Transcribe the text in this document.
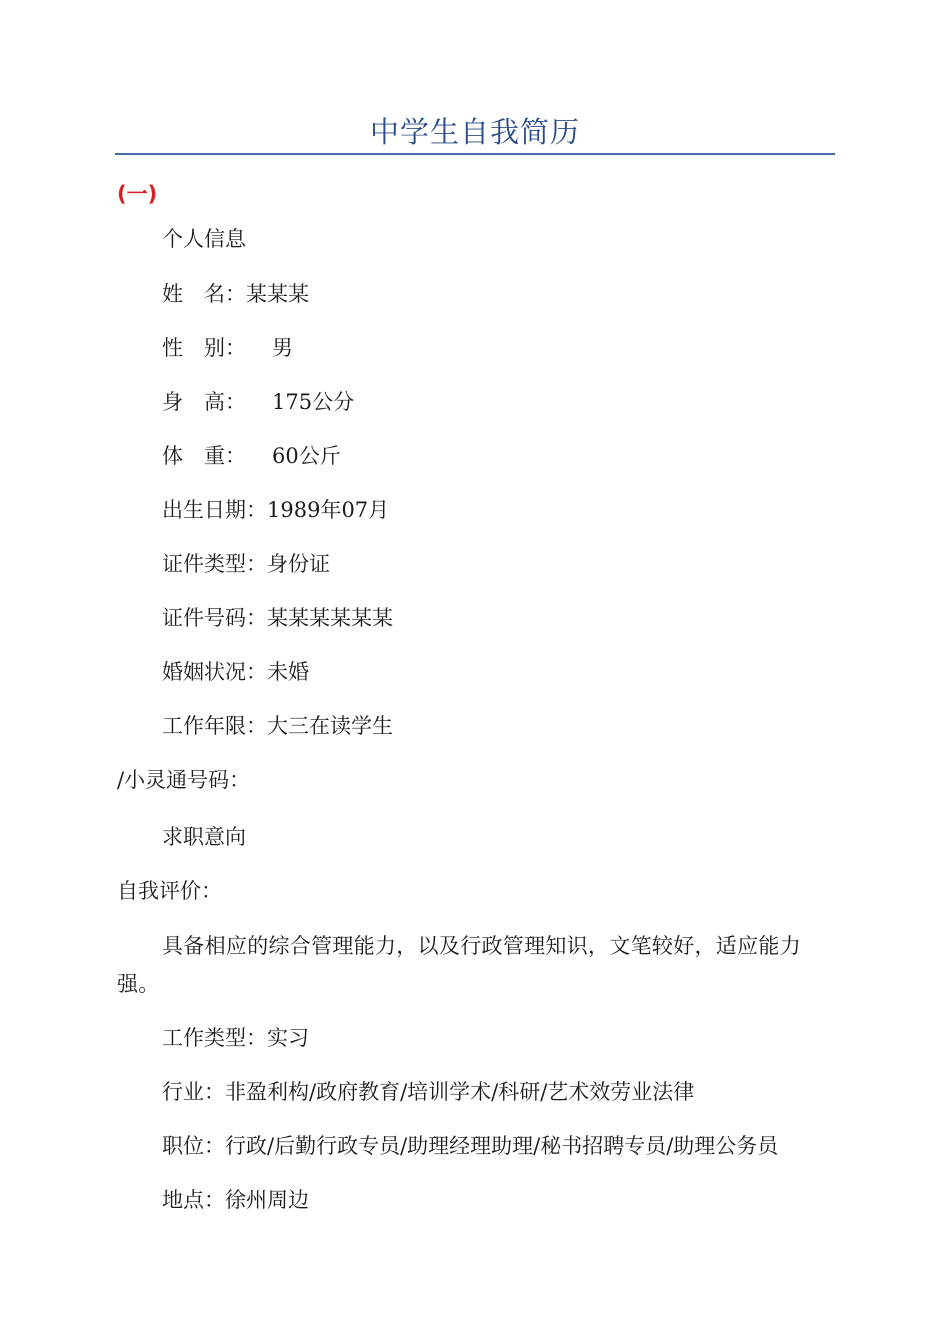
中学生自我简历
(一)
个人信息
姓　名：某某某
性　别： 男
身　高： 175公分
体　重： 60公斤
出生日期：1989年07月
证件类型：身份证
证件号码：某某某某某某
婚姻状况：未婚
工作年限：大三在读学生
/小灵通号码：
求职意向
自我评价：
具备相应的综合管理能力，以及行政管理知识，文笔较好，适应能力强。
工作类型：实习
行业：非盈利构/政府教育/培训学术/科研/艺术效劳业法律
职位：行政/后勤行政专员/助理经理助理/秘书招聘专员/助理公务员
地点：徐州周边
